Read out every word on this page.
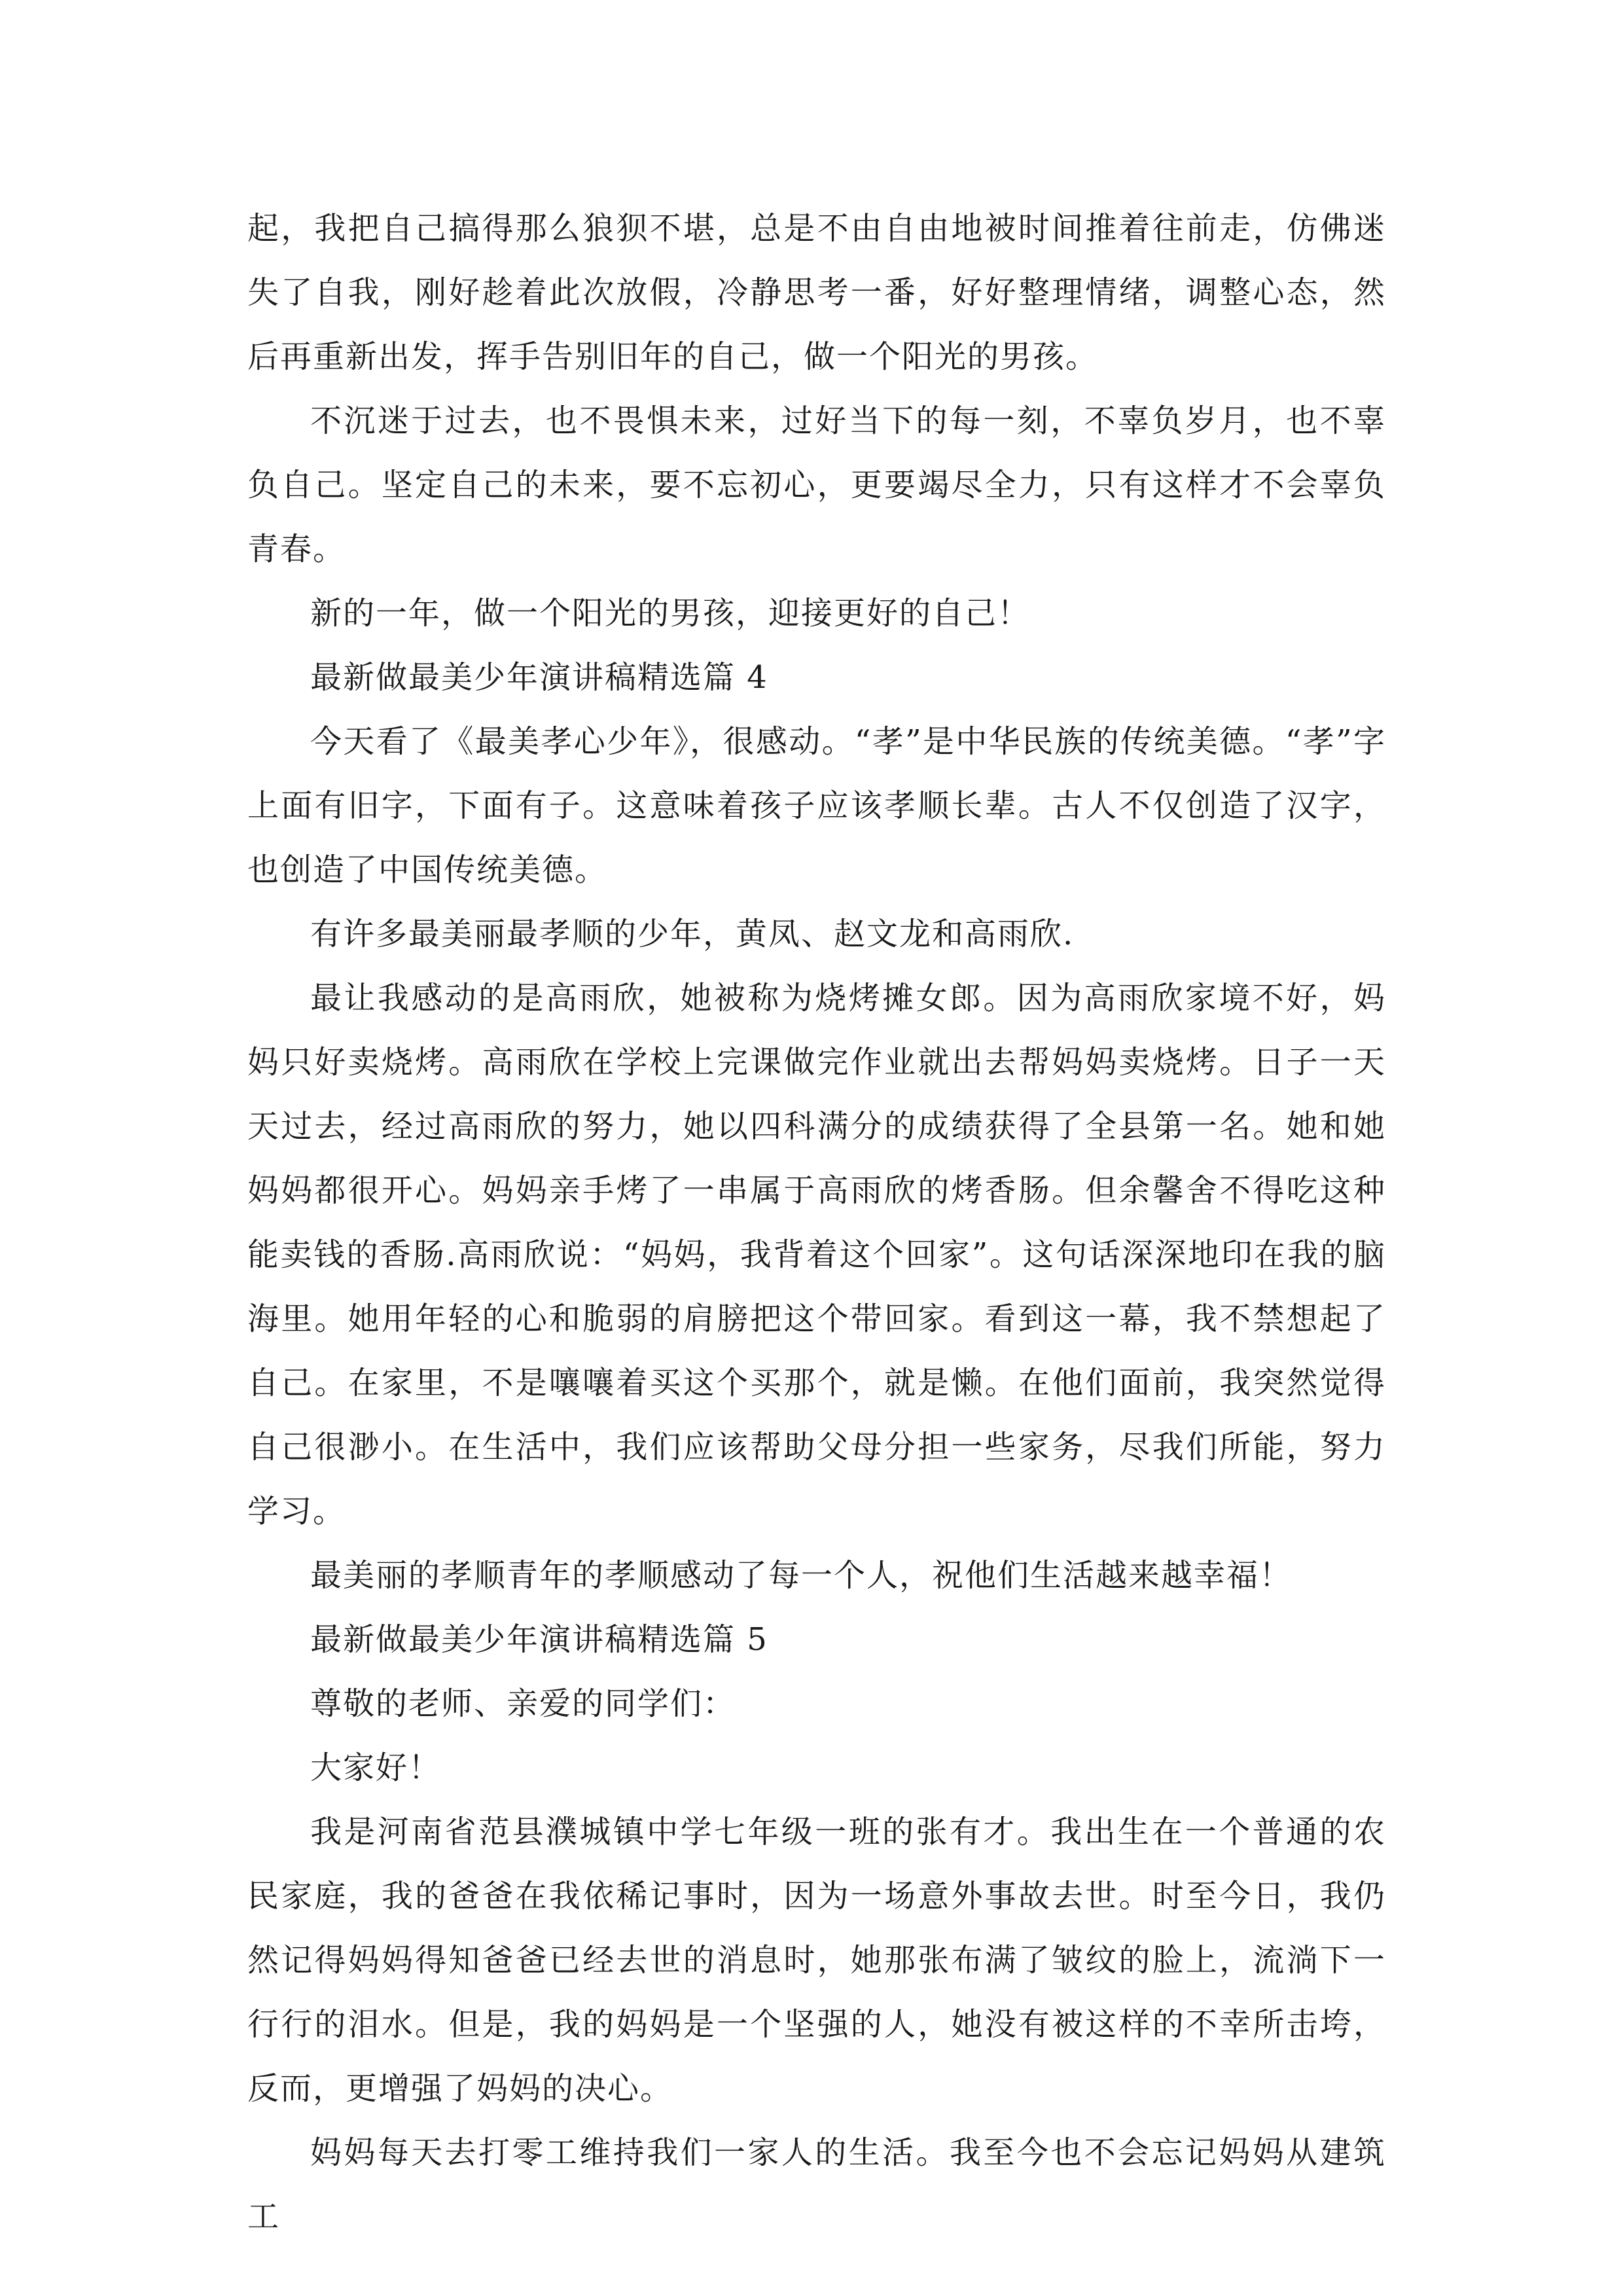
起，我把自己搞得那么狼狈不堪，总是不由自由地被时间推着往前走，仿佛迷失了自我，刚好趁着此次放假，冷静思考一番，好好整理情绪，调整心态，然后再重新出发，挥手告别旧年的自己，做一个阳光的男孩。

不沉迷于过去，也不畏惧未来，过好当下的每一刻，不辜负岁月，也不辜负自己。坚定自己的未来，要不忘初心，更要竭尽全力，只有这样才不会辜负青春。

新的一年，做一个阳光的男孩，迎接更好的自己！

最新做最美少年演讲稿精选篇 4

今天看了《最美孝心少年》，很感动。“孝”是中华民族的传统美德。“孝”字上面有旧字，下面有子。这意味着孩子应该孝顺长辈。古人不仅创造了汉字，也创造了中国传统美德。

有许多最美丽最孝顺的少年，黄凤、赵文龙和高雨欣.

最让我感动的是高雨欣，她被称为烧烤摊女郎。因为高雨欣家境不好，妈妈只好卖烧烤。高雨欣在学校上完课做完作业就出去帮妈妈卖烧烤。日子一天天过去，经过高雨欣的努力，她以四科满分的成绩获得了全县第一名。她和她妈妈都很开心。妈妈亲手烤了一串属于高雨欣的烤香肠。但余馨舍不得吃这种能卖钱的香肠.高雨欣说：“妈妈，我背着这个回家”。这句话深深地印在我的脑海里。她用年轻的心和脆弱的肩膀把这个带回家。看到这一幕，我不禁想起了自己。在家里，不是嚷嚷着买这个买那个，就是懒。在他们面前，我突然觉得自己很渺小。在生活中，我们应该帮助父母分担一些家务，尽我们所能，努力学习。

最美丽的孝顺青年的孝顺感动了每一个人，祝他们生活越来越幸福！

最新做最美少年演讲稿精选篇 5

尊敬的老师、亲爱的同学们：

大家好！

我是河南省范县濮城镇中学七年级一班的张有才。我出生在一个普通的农民家庭，我的爸爸在我依稀记事时，因为一场意外事故去世。时至今日，我仍然记得妈妈得知爸爸已经去世的消息时，她那张布满了皱纹的脸上，流淌下一行行的泪水。但是，我的妈妈是一个坚强的人，她没有被这样的不幸所击垮，反而，更增强了妈妈的决心。

妈妈每天去打零工维持我们一家人的生活。我至今也不会忘记妈妈从建筑工
